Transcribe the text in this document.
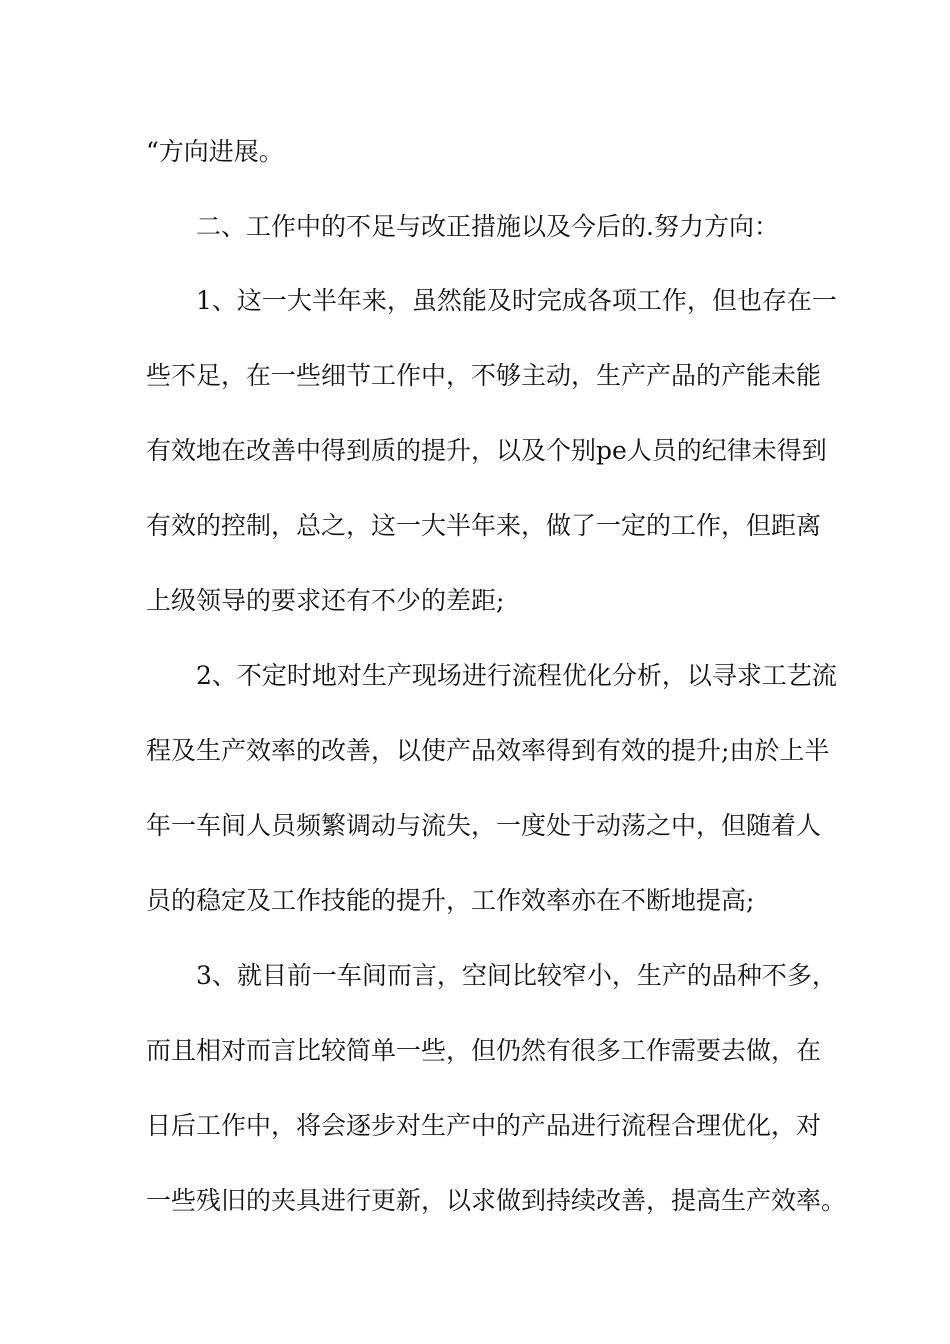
“方向进展。
二、工作中的不足与改正措施以及今后的.努力方向：
1、这一大半年来，虽然能及时完成各项工作，但也存在一
些不足，在一些细节工作中，不够主动，生产产品的产能未能
有效地在改善中得到质的提升，以及个别pe人员的纪律未得到
有效的控制，总之，这一大半年来，做了一定的工作，但距离
上级领导的要求还有不少的差距;
2、不定时地对生产现场进行流程优化分析，以寻求工艺流
程及生产效率的改善，以使产品效率得到有效的提升;由於上半
年一车间人员频繁调动与流失，一度处于动荡之中，但随着人
员的稳定及工作技能的提升，工作效率亦在不断地提高;
3、就目前一车间而言，空间比较窄小，生产的品种不多，
而且相对而言比较简单一些，但仍然有很多工作需要去做，在
日后工作中，将会逐步对生产中的产品进行流程合理优化，对
一些残旧的夹具进行更新，以求做到持续改善，提高生产效率。
